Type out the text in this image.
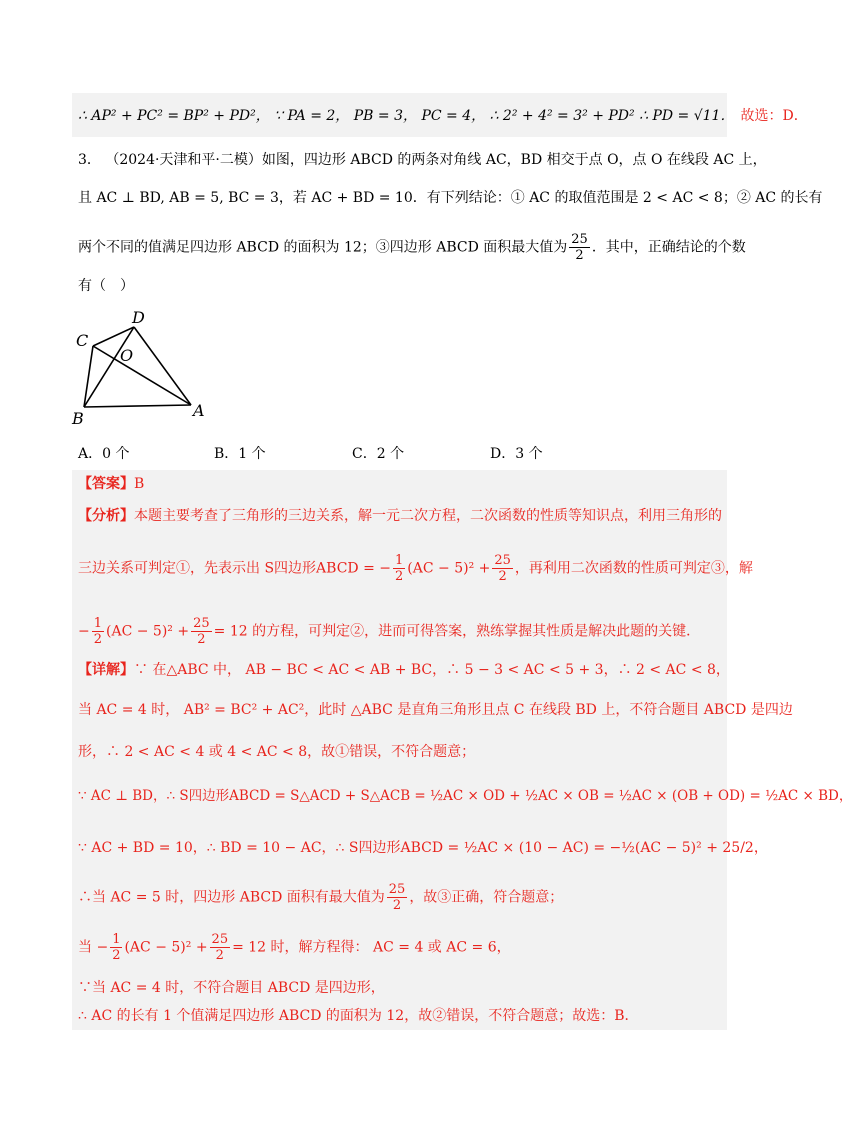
∴ AP² + PC² = BP² + PD²， ∵ PA = 2， PB = 3， PC = 4， ∴ 2² + 4² = 3² + PD² ∴ PD = √11． 故选：D．
3． （2024·天津和平·二模）如图，四边形 ABCD 的两条对角线 AC，BD 相交于点 O，点 O 在线段 AC 上，
且 AC ⊥ BD, AB = 5, BC = 3，若 AC + BD = 10．有下列结论：① AC 的取值范围是 2 < AC < 8；② AC 的长有
两个不同的值满足四边形 ABCD 的面积为 12；③四边形 ABCD 面积最大值为 $\frac{25}{2}$ ．其中，正确结论的个数
有（　）
A
B
C
D
O
A．0 个	B．1 个	C．2 个	D．3 个
【答案】B
【分析】本题主要考查了三角形的三边关系，解一元二次方程，二次函数的性质等知识点，利用三角形的
三边关系可判定①，先表示出 S四边形ABCD = − $\frac{1}{2} (AC - 5)^2 + \frac{25}{2}$ ，再利用二次函数的性质可判定③，解
− $\frac{1}{2} (AC - 5)^2 + \frac{25}{2} = 12$ 的方程，可判定②，进而可得答案，熟练掌握其性质是解决此题的关键．
【详解】∵ 在△ABC 中， AB − BC < AC < AB + BC，∴ 5 − 3 < AC < 5 + 3，∴ 2 < AC < 8，
当 AC = 4 时， AB² = BC² + AC²，此时 △ABC 是直角三角形且点 C 在线段 BD 上，不符合题目 ABCD 是四边
形，∴ 2 < AC < 4 或 4 < AC < 8，故①错误，不符合题意；
∵ AC ⊥ BD，∴ S四边形ABCD = S△ACD + S△ACB = ½AC × OD + ½AC × OB = ½AC × (OB + OD) = ½AC × BD，
∵ AC + BD = 10，∴ BD = 10 − AC，∴ S四边形ABCD = ½AC × (10 − AC) = −½(AC − 5)² + 25/2，
∴当 AC = 5 时，四边形 ABCD 面积有最大值为 $\frac{25}{2}$ ，故③正确，符合题意；
当 − $\frac{1}{2} (AC - 5)^2 + \frac{25}{2} = 12$ 时，解方程得： AC = 4 或 AC = 6，
∵当 AC = 4 时，不符合题目 ABCD 是四边形，
∴ AC 的长有 1 个值满足四边形 ABCD 的面积为 12，故②错误，不符合题意；故选：B．
